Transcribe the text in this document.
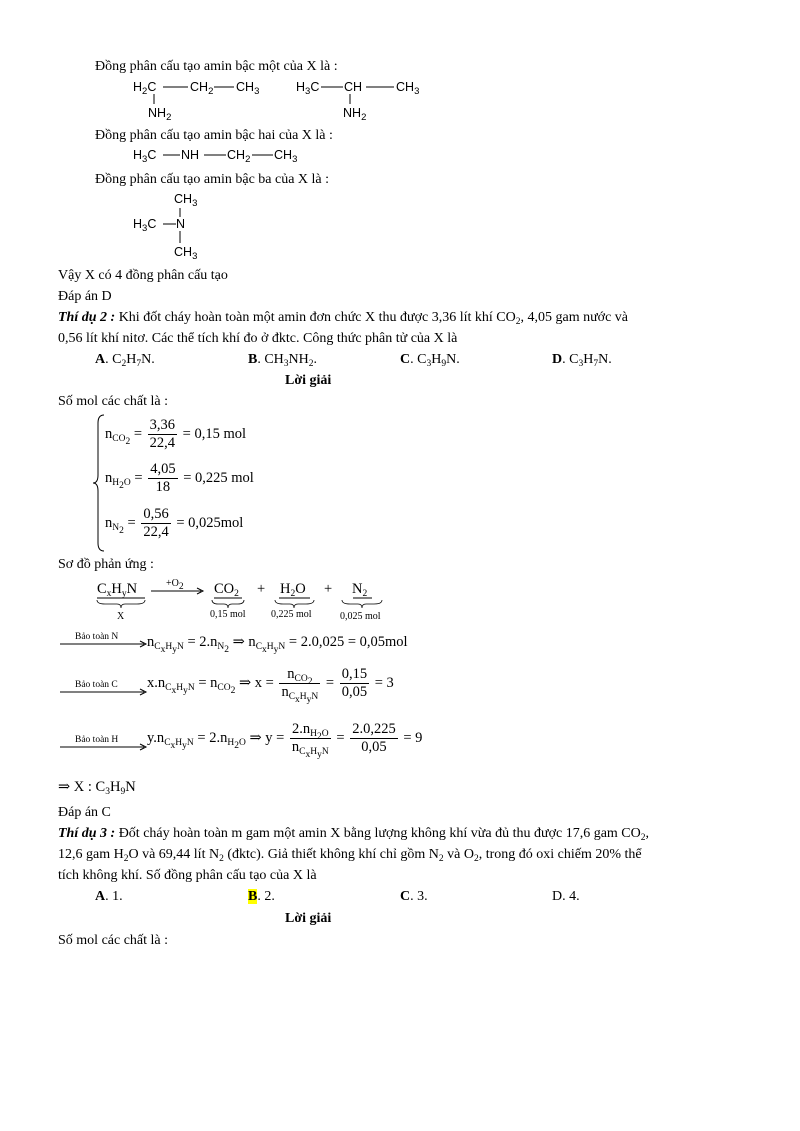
Đồng phân cấu tạo amin bậc một của X là :
$H_2C$	$CH_2$ $CH_3$
$NH_2$
$H_3C$ CH	$CH_3$
$NH_2$
Đồng phân cấu tạo amin bậc hai của X là :
$H_3C$ NH $CH_2$ $CH_3$
Đồng phân cấu tạo amin bậc ba của X là :
$CH_3$
$H_3C$ N
$CH_3$
Vậy X có 4 đồng phân cấu tạo
Đáp án D
Thí dụ 2 : Khi đốt cháy hoàn toàn một amin đơn chức X thu được 3,36 lít khí $CO_2$, 4,05 gam nước và
0,56 lít khí nitơ. Các thể tích khí đo ở đktc. Công thức phân tử của X là
A. $C_2H_7N$.	B. $CH_3NH_2$.	C. $C_3H_9N$.	D. $C_3H_7N$.
Lời giải
Số mol các chất là :
$n_{CO_2} = \frac{3,36}{22,4} = 0,15$ mol
$n_{H_2O} = \frac{4,05}{18} = 0,225$ mol
$n_{N_2} = \frac{0,56}{22,4} = 0,025mol$
Sơ đồ phản ứng :
$C_xH_yN$	$+O_2$
X
$CO_2 + H_2O + N_2$
0,15 mol	0,225 mol	0,025 mol
Bảo toàn N $n_{C_xH_yN} = 2.n_{N_2}$ ⇒ $n_{C_xH_yN} = 2.0,025 = 0,05mol$
Bảo toàn C $x.n_{C_xH_yN} = n_{CO_2}$ ⇒ $x = \frac{n_{CO_2}}{n_{C_xH_yN}} = \frac{0,15}{0,05} = 3$
Bảo toàn H $y.n_{C_xH_yN} = 2.n_{H_2O}$ ⇒ $y = \frac{2.n_{H_2O}}{n_{C_xH_yN}} = \frac{2.0,225}{0,05} = 9$
⇒ X : $C_3H_9N$
Đáp án C
Thí dụ 3 : Đốt cháy hoàn toàn m gam một amin X bằng lượng không khí vừa đủ thu được 17,6 gam $CO_2$,
12,6 gam $H_2O$ và 69,44 lít $N_2$ (đktc). Giả thiết không khí chỉ gồm $N_2$ và $O_2$, trong đó oxi chiếm 20% thể
tích không khí. Số đồng phân cấu tạo của X là
A. 1.	B. 2.	C. 3.	D. 4.
Lời giải
Số mol các chất là :
